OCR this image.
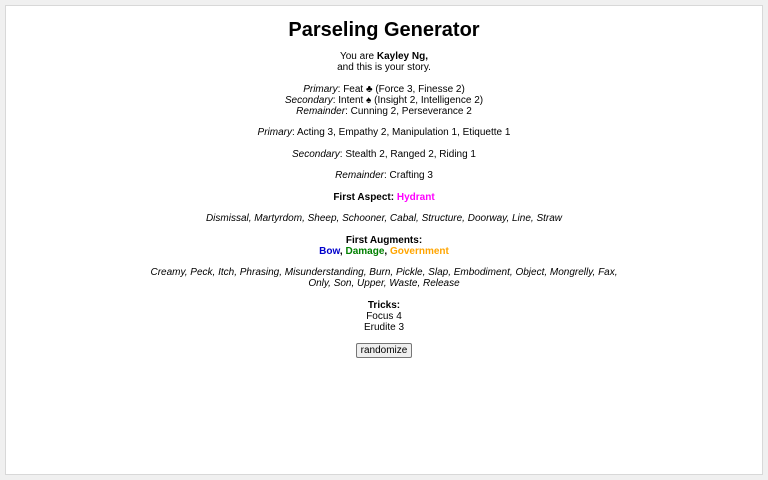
Parseling Generator

You are Kayley Ng,
and this is your story.

Primary: Feat ♣ (Force 3, Finesse 2)
Secondary: Intent ♠ (Insight 2, Intelligence 2)
Remainder: Cunning 2, Perseverance 2

Primary: Acting 3, Empathy 2, Manipulation 1, Etiquette 1

Secondary: Stealth 2, Ranged 2, Riding 1

Remainder: Crafting 3

First Aspect: Hydrant

Dismissal, Martyrdom, Sheep, Schooner, Cabal, Structure, Doorway, Line, Straw

First Augments:
Bow, Damage, Government

Creamy, Peck, Itch, Phrasing, Misunderstanding, Burn, Pickle, Slap, Embodiment, Object, Mongrelly, Fax,
Only, Son, Upper, Waste, Release

Tricks:
Focus 4
Erudite 3

randomize
